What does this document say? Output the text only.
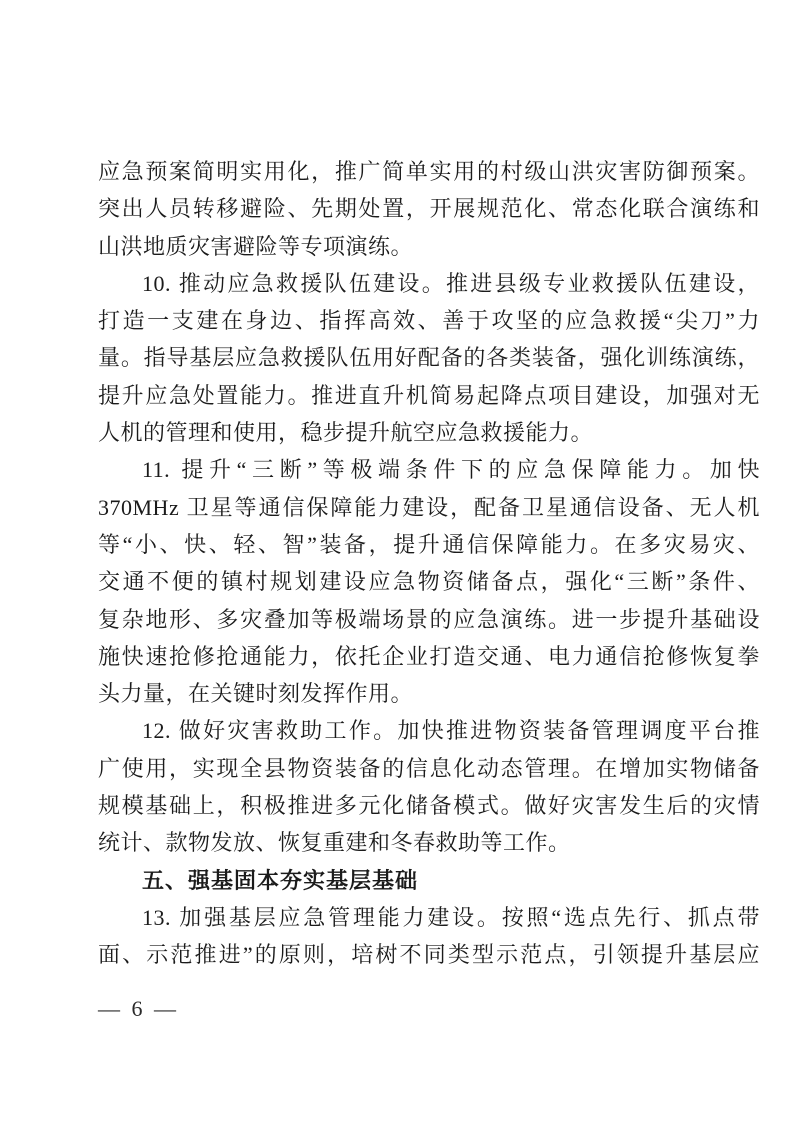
应急预案简明实用化，推广简单实用的村级山洪灾害防御预案。
突出人员转移避险、先期处置，开展规范化、常态化联合演练和
山洪地质灾害避险等专项演练。
10. 推动应急救援队伍建设。推进县级专业救援队伍建设，
打造一支建在身边、指挥高效、善于攻坚的应急救援“尖刀”力
量。指导基层应急救援队伍用好配备的各类装备，强化训练演练，
提升应急处置能力。推进直升机简易起降点项目建设，加强对无
人机的管理和使用，稳步提升航空应急救援能力。
11. 提升“三断”等极端条件下的应急保障能力。加快
370MHz 卫星等通信保障能力建设，配备卫星通信设备、无人机
等“小、快、轻、智”装备，提升通信保障能力。在多灾易灾、
交通不便的镇村规划建设应急物资储备点，强化“三断”条件、
复杂地形、多灾叠加等极端场景的应急演练。进一步提升基础设
施快速抢修抢通能力，依托企业打造交通、电力通信抢修恢复拳
头力量，在关键时刻发挥作用。
12. 做好灾害救助工作。加快推进物资装备管理调度平台推
广使用，实现全县物资装备的信息化动态管理。在增加实物储备
规模基础上，积极推进多元化储备模式。做好灾害发生后的灾情
统计、款物发放、恢复重建和冬春救助等工作。
五、强基固本夯实基层基础
13. 加强基层应急管理能力建设。按照“选点先行、抓点带
面、示范推进”的原则，培树不同类型示范点，引领提升基层应
— 6 —
